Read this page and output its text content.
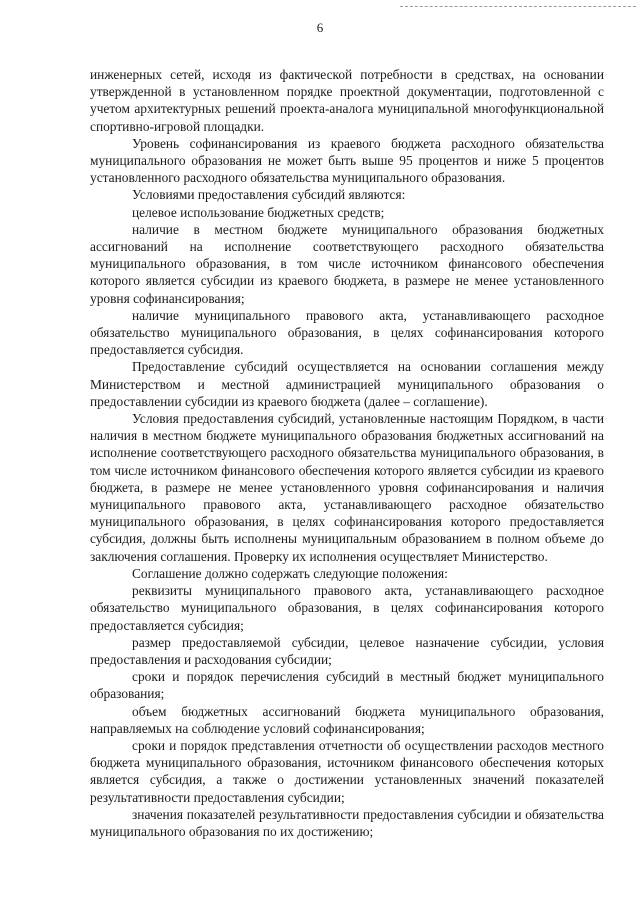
6

инженерных сетей, исходя из фактической потребности в средствах, на основании утвержденной в установленном порядке проектной документации, подготовленной с учетом архитектурных решений проекта-аналога муниципальной многофункциональной спортивно-игровой площадки.

Уровень софинансирования из краевого бюджета расходного обязательства муниципального образования не может быть выше 95 процентов и ниже 5 процентов установленного расходного обязательства муниципального образования.

Условиями предоставления субсидий являются:

целевое использование бюджетных средств;

наличие в местном бюджете муниципального образования бюджетных ассигнований на исполнение соответствующего расходного обязательства муниципального образования, в том числе источником финансового обеспечения которого является субсидии из краевого бюджета, в размере не менее установленного уровня софинансирования;

наличие муниципального правового акта, устанавливающего расходное обязательство муниципального образования, в целях софинансирования которого предоставляется субсидия.

Предоставление субсидий осуществляется на основании соглашения между Министерством и местной администрацией муниципального образования о предоставлении субсидии из краевого бюджета (далее – соглашение).

Условия предоставления субсидий, установленные настоящим Порядком, в части наличия в местном бюджете муниципального образования бюджетных ассигнований на исполнение соответствующего расходного обязательства муниципального образования, в том числе источником финансового обеспечения которого является субсидии из краевого бюджета, в размере не менее установленного уровня софинансирования и наличия муниципального правового акта, устанавливающего расходное обязательство муниципального образования, в целях софинансирования которого предоставляется субсидия, должны быть исполнены муниципальным образованием в полном объеме до заключения соглашения. Проверку их исполнения осуществляет Министерство.

Соглашение должно содержать следующие положения:

реквизиты муниципального правового акта, устанавливающего расходное обязательство муниципального образования, в целях софинансирования которого предоставляется субсидия;

размер предоставляемой субсидии, целевое назначение субсидии, условия предоставления и расходования субсидии;

сроки и порядок перечисления субсидий в местный бюджет муниципального образования;

объем бюджетных ассигнований бюджета муниципального образования, направляемых на соблюдение условий софинансирования;

сроки и порядок представления отчетности об осуществлении расходов местного бюджета муниципального образования, источником финансового обеспечения которых является субсидия, а также о достижении установленных значений показателей результативности предоставления субсидии;

значения показателей результативности предоставления субсидии и обязательства муниципального образования по их достижению;
